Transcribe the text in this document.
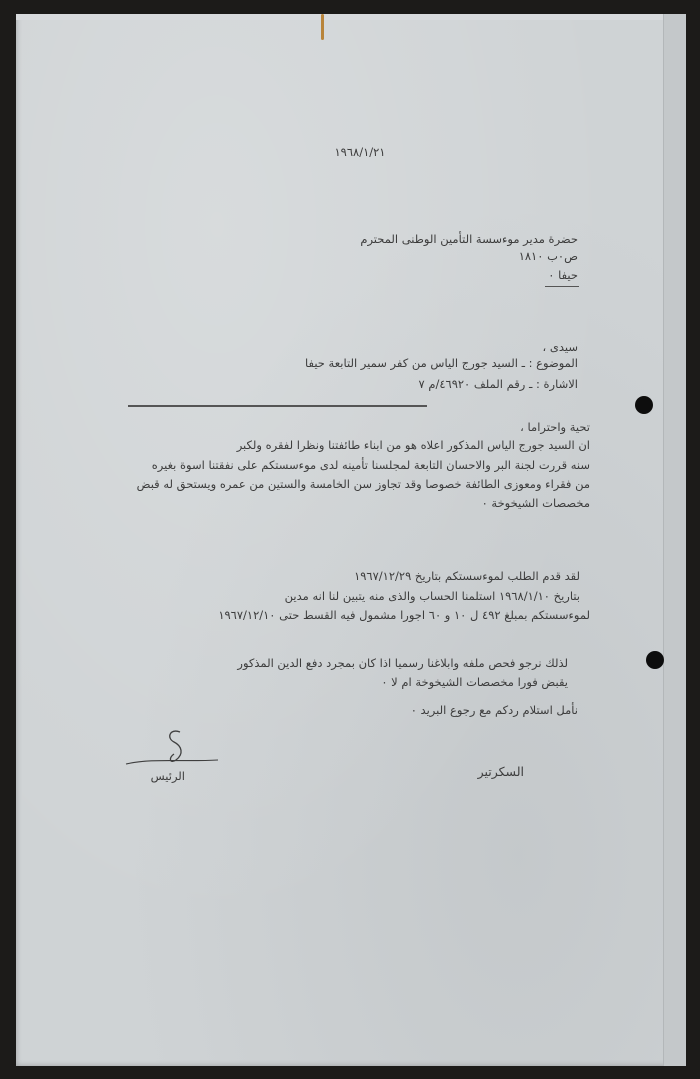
١٩٦٨/١/٢١
حضرة مدير موءسسة التأمين الوطنى المحترم
ص٠ب ١٨١٠
حيفا ٠
سيدى ،
الموضوع : ـ السيد جورج الياس من كفر سمير التابعة حيفا
الاشارة : ـ رقم الملف ٤٦٩٢٠/م ٧
تحية واحتراما ،
ان السيد جورج الياس المذكور اعلاه هو من ابناء طائفتنا ونظرا لفقره ولكبر
سنه قررت لجنة البر والاحسان التابعة لمجلسنا تأمينه لدى موءسستكم على نفقتنا اسوة بغيره
من فقراء ومعوزى الطائفة خصوصا وقد تجاوز سن الخامسة والستين من عمره ويستحق له قبض
مخصصات الشيخوخة ٠
لقد قدم الطلب لموءسستكم بتاريخ ١٩٦٧/١٢/٢٩
بتاريخ ١٩٦٨/١/١٠ استلمنا الحساب والذى منه يتبين لنا انه مدين
لموءسستكم بمبلغ ٤٩٢ ل ١٠ و ٦٠ اجورا مشمول فيه القسط حتى ١٩٦٧/١٢/١٠
لذلك نرجو فحص ملفه وابلاغنا رسميا اذا كان بمجرد دفع الدين المذكور
يقبض فورا مخصصات الشيخوخة ام لا ٠
نأمل استلام ردكم مع رجوع البريد ٠
الرئيس	السكرتير
